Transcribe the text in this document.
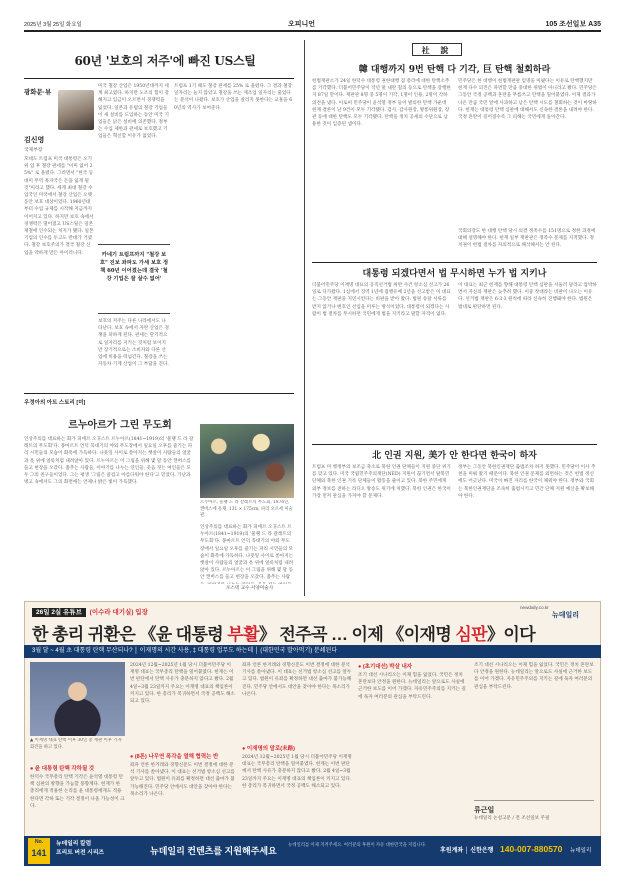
2025년 3월 25일 화요일	오피니언	105 조선일보 A35
60년 '보호의 저주'에 빠진 US스틸
광화문·뷰
김신영
국제부장
모네도 트럼프 미국 대통령은 오기 위 업 후 철강 관세를 "이미 없어 25%" 로 올렸다. 그러면서 "한국 등 대미 무역 흑자국은 돈을 잃게 될 것"이라고 했다. 세계 최대 철강 수입국인 미국에서 철강 산업은 오랫동안 보호 대상이었다. 1960년대부터 수입 규제를 시작해 지금까지 이어지고 있다. 하지만 보호 속에서 경쟁력은 떨어졌고 US스틸은 일본제철에 인수되는 처지가 됐다. 일본 기업의 인수를 두고도 반대가 거셌다. 철강 보호주의가 결국 철강 산업을 약하게 만든 아이러니다.
미국 철강 산업은 1950년대까지 세계 최고였다. 하지만 노조의 힘이 강해지고 임금이 오르면서 경쟁력을 잃었다. 일본과 유럽의 철강 기업들이 새 설비를 도입하는 동안 미국 기업들은 낡은 설비에 의존했다. 정부는 수입 제한과 관세로 보호했고 기업들은 혁신할 이유가 없었다.
카네기 트럼프까지 "철강 보호" 진보 좌파도 가세 보호 정책 60년 이어졌는데 결국 '철강 기업은 잘 살수 없어'
보호의 저주는 다른 나라에서도 나타난다. 보호 속에서 자란 산업은 경쟁을 피하게 된다. 관세는 단기적으로 일자리를 지키는 것처럼 보이지만 장기적으로는 소비자와 다른 산업에 비용을 떠넘긴다. 철강을 쓰는 자동차·기계 산업이 그 부담을 진다.
트럼프 1기 때도 철강 관세를 25% 로 올렸다. 그 결과 철강 일자리는 늘지 않았고 철강을 쓰는 제조업 일자리는 줄었다는 분석이 나왔다. 보호가 산업을 살리지 못한다는 교훈을 60년의 역사가 보여준다.
우정아의 아트 스토리 [미]
르누아르가 그린 무도회
인상주의를 대표하는 화가 피에르 오귀스트 르누아르(1841~1919)의 '물랭 드 라 갈레트의 무도회'다. 몽마르트 언덕 꼭대기의 야외 무도장에서 일요일 오후를 즐기는 파리 시민들의 모습이 화폭에 가득하다. 나뭇잎 사이로 쏟아지는 햇살이 사람들의 얼굴과 옷 위에 얼룩처럼 내려앉아 있다. 르누아르는 이 그림을 위해 몇 달 동안 캔버스를 들고 현장을 오갔다. 춤추는 사람들, 이야기를 나누는 연인들, 웃음 짓는 여인들은 모두 그의 친구들이었다. 그는 평생 '그림은 즐겁고 아름다워야 한다'고 믿었다. 가난과 병고 속에서도 그의 화면에는 언제나 밝은 빛이 가득했다.
르누아르, 물랭 드 라 갈레트의 무도회, 1876년, 캔버스에 유채, 131 × 175cm, 파리 오르세 미술관.
인상주의를 대표하는 화가 피에르 오귀스트 르누아르(1841~1919)의 '물랭 드 라 갈레트의 무도회'다. 몽마르트 언덕 꼭대기의 야외 무도장에서 일요일 오후를 즐기는 파리 시민들의 모습이 화폭에 가득하다. 나뭇잎 사이로 쏟아지는 햇살이 사람들의 얼굴과 옷 위에 얼룩처럼 내려앉아 있다. 르누아르는 이 그림을 위해 몇 달 동안 캔버스를 들고 현장을 오갔다. 춤추는 사람
포스텍 교수·서양미술사
社 說
韓 대행까지 9번 탄핵 다 기각, 巨 탄핵 철회하라
헌법재판소가 24일 한덕수 대통령 권한대행 겸 총리에 대한 탄핵소추를 기각했다. 더불어민주당이 작년 말 내란 혐의 등으로 탄핵을 강행한 지 87일 만이다. 재판관 8명 중 5명이 기각, 1명이 인용, 2명이 각하 의견을 냈다. 이로써 민주당이 윤석열 정부 들어 발의한 탄핵 가운데 헌재 결론이 난 9건이 모두 기각됐다. 검사, 감사원장, 방통위원장, 장관 등에 대한 탄핵도 모두 기각됐다. 탄핵을 정치 공세의 수단으로 남용한 것이 입증된 셈이다.
민주당은 한 대행이 헌법재판관 임명을 미뤘다는 이유로 탄핵했지만 헌재 다수 의견은 파면할 만큼 중대한 위법이 아니라고 봤다. 민주당은 그동안 국정 공백과 혼란을 무릅쓰고 탄핵을 밀어붙였다. 이제 결과가 나온 만큼 국민 앞에 사과하고 남은 탄핵 시도를 철회하는 것이 마땅하다. 헌재는 대통령 탄핵 심판에 대해서도 신속한 결론을 내려야 한다. 국정 혼란이 길어질수록 그 피해는 국민에게 돌아간다.
국회의장도 한 대행 탄핵 당시 의결 정족수를 151명으로 정한 과정에 대해 설명해야 한다. 헌재 일부 재판관은 정족수 문제를 지적했다. 정치권이 헌법 절차를 자의적으로 해석해서는 안 된다.
대통령 되겠다면서 법 무시하면 누가 법 지키나
더불어민주당 이재명 대표의 공직선거법 위반 사건 항소심 선고가 26일로 다가왔다. 1심에서 징역 1년에 집행유예 2년을 선고받은 이 대표는 그동안 재판을 지연시킨다는 비판을 받아 왔다. 법원 송달 서류를 받지 않거나 변호인 선임을 미루는 방식이었다. 대통령이 되겠다는 사람이 법 절차를 무시하면 국민에게 법을 지키라고 말할 자격이 없다.
이 대표는 최근 헌재를 향해 대통령 탄핵 심판을 서둘러 달라고 압박하면서 자신의 재판은 늦추려 했다. 이중 잣대라는 비판이 나오는 이유다. 선거법 재판은 6·3·3 원칙에 따라 신속히 진행돼야 한다. 법원은 법대로 판단하면 된다.
北 인권 지원, 美가 안 한다면 한국이 하자
트럼프 미 행정부의 보조금 축소로 북한 인권 단체들이 지원 중단 위기를 맞고 있다. 미국 국립민주주의재단(NED) 지원이 끊기면서 탈북민 단체와 북한 인권 기록 단체들이 활동을 줄이고 있다. 북한 주민에게 외부 정보를 전하는 라디오 방송도 위기에 처했다. 북한 인권은 한국이 가장 먼저 관심을 가져야 할 문제다.
정부는 그동안 북한인권재단 출범조차 하지 못했다. 민주당이 이사 추천을 미뤄 왔기 때문이다. 북한 인권 문제를 외면하는 것은 헌법 정신에도 어긋난다. 미국이 빠진 자리를 한국이 채워야 한다. 정부와 국회는 북한인권재단을 조속히 출범시키고 민간 단체 지원 예산을 확보해야 한다.
26일 2실 유튜브 (이수라 대기실) 입장
newdaily.co.kr
뉴데일리
한 총리 귀환은 《윤 대통령 부활》 전주곡 … 이제 《이재명 심판》이다
3월 달 ~ 4월 초 대통령 탄핵 무산되나? │ 이재명의 시간 사용, ‡ 대통령 업무도 하는데 │ (대한민국 말아먹기) 분쇄된다
▲ 이재명 대표 탄핵 이후 30일 총 재판 이후 기자회견을 하고 있다.
● 윤 대통령 탄핵 각하될 것
한덕수 국무총리 탄핵 기각은 윤석열 대통령 탄핵 심판의 방향을 가늠할 풍향계다. 헌재가 한 총리에게 적용한 논리를 윤 대통령에게도 적용한다면 각하 또는 기각 결정이 나올 가능성이 크다.
2024년 12월~2025년 1월 당시 더불어민주당 이재명 대표는 국무총리 탄핵을 밀어붙였다. 헌재는 이번 판단에서 탄핵 사유가 충분하지 않다고 봤다. 2월 4일~3월 23일까지 주요는 이재명 대표의 책임론이 커지고 있다. 한 총리가 복귀하면서 국정 공백도 해소되고 있다.
● (8톤) 나무연 폭각을 열해 협력는 반
좌파 언론 한겨레와 경향신문도 이번 결정에 대한 분석 기사를 쏟아냈다. 이 대표는 선거법 항소심 선고를 앞두고 있다. 법원이 유죄를 확정하면 대선 출마가 불가능해진다. 민주당 안에서도 대안을 찾아야 한다는 목소리가 나온다.
좌파 언론 한겨레와 경향신문도 이번 결정에 대한 분석 기사를 쏟아냈다. 이 대표는 선거법 항소심 선고를 앞두고 있다. 법원이 유죄를 확정하면 대선 출마가 불가능해진다. 민주당 안에서도 대안을 찾아야 한다는 목소리가 나온다.
● 이재명의 말로(末路)
2024년 12월~2025년 1월 당시 더불어민주당 이재명 대표는 국무총리 탄핵을 밀어붙였다. 헌재는 이번 판단에서 탄핵 사유가 충분하지 않다고 봤다. 2월 4일~3월 23일까지 주요는 이재명 대표의 책임론이 커지고 있다. 한 총리가 복귀하면서 국정 공백도 해소되고 있다.
● (초기대선) 박살 내자
조기 대선 시나리오는 이제 힘을 잃었다. 국민은 정치 혼란보다 안정을 원한다. 뉴데일리는 앞으로도 사실에 근거한 보도를 이어 가겠다. 자유민주주의를 지키는 길에 독자 여러분의 관심을 부탁드린다.
조기 대선 시나리오는 이제 힘을 잃었다. 국민은 정치 혼란보다 안정을 원한다. 뉴데일리는 앞으로도 사실에 근거한 보도를 이어 가겠다. 자유민주주의를 지키는 길에 독자 여러분의 관심을 부탁드린다.
류근일
뉴데일리 논설고문 / 전 조선일보 주필
No.
141
뉴데일리 칼럼
프리트 버전 시리즈	뉴데일리 컨텐츠를 지원해주세요
뉴데일리를 이제 지켜주세요. 여러분의 후원이 자유 대한민국을 지킵니다.
후원계좌 │ 신한은행 140-007-880570 뉴데일리
